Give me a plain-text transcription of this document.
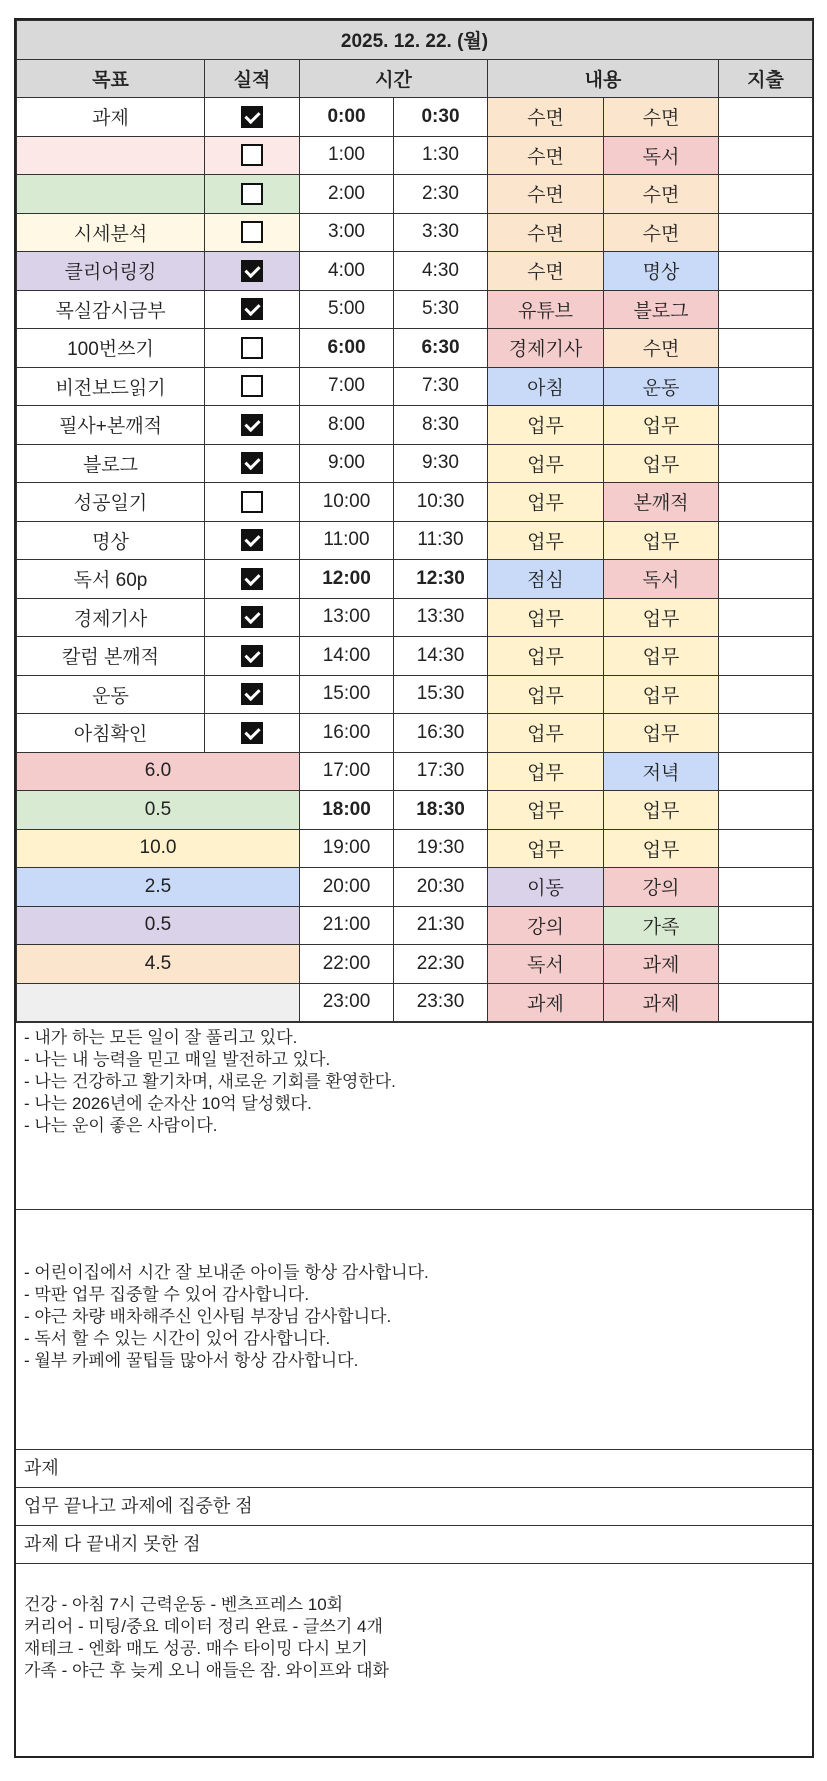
2025. 12. 22. (월)						
목표	실적	시간		내용		지출
과제		0:00	0:30	수면	수면	
		1:00	1:30	수면	독서	
		2:00	2:30	수면	수면	
시세분석		3:00	3:30	수면	수면	
클리어링킹		4:00	4:30	수면	명상	
목실감시금부		5:00	5:30	유튜브	블로그	
100번쓰기		6:00	6:30	경제기사	수면	
비전보드읽기		7:00	7:30	아침	운동	
필사+본깨적		8:00	8:30	업무	업무	
블로그		9:00	9:30	업무	업무	
성공일기		10:00	10:30	업무	본깨적	
명상		11:00	11:30	업무	업무	
독서 60p		12:00	12:30	점심	독서	
경제기사		13:00	13:30	업무	업무	
칼럼 본깨적		14:00	14:30	업무	업무	
운동		15:00	15:30	업무	업무	
아침확인		16:00	16:30	업무	업무	
6.0		17:00	17:30	업무	저녁	
0.5		18:00	18:30	업무	업무	
10.0		19:00	19:30	업무	업무	
2.5		20:00	20:30	이동	강의	
0.5		21:00	21:30	강의	가족	
4.5		22:00	22:30	독서	과제	
		23:00	23:30	과제	과제	
- 내가 하는 모든 일이 잘 풀리고 있다.
- 나는 내 능력을 믿고 매일 발전하고 있다.
- 나는 건강하고 활기차며, 새로운 기회를 환영한다.
- 나는 2026년에 순자산 10억 달성했다.
- 나는 운이 좋은 사람이다.
- 어린이집에서 시간 잘 보내준 아이들 항상 감사합니다.
- 막판 업무 집중할 수 있어 감사합니다.
- 야근 차량 배차해주신 인사팀 부장님 감사합니다.
- 독서 할 수 있는 시간이 있어 감사합니다.
- 월부 카페에 꿀팁들 많아서 항상 감사합니다.
과제
업무 끝나고 과제에 집중한 점
과제 다 끝내지 못한 점
건강 - 아침 7시 근력운동 - 벤츠프레스 10회
커리어 - 미팅/중요 데이터 정리 완료 - 글쓰기 4개
재테크 - 엔화 매도 성공. 매수 타이밍 다시 보기
가족 - 야근 후 늦게 오니 애들은 잠. 와이프와 대화
